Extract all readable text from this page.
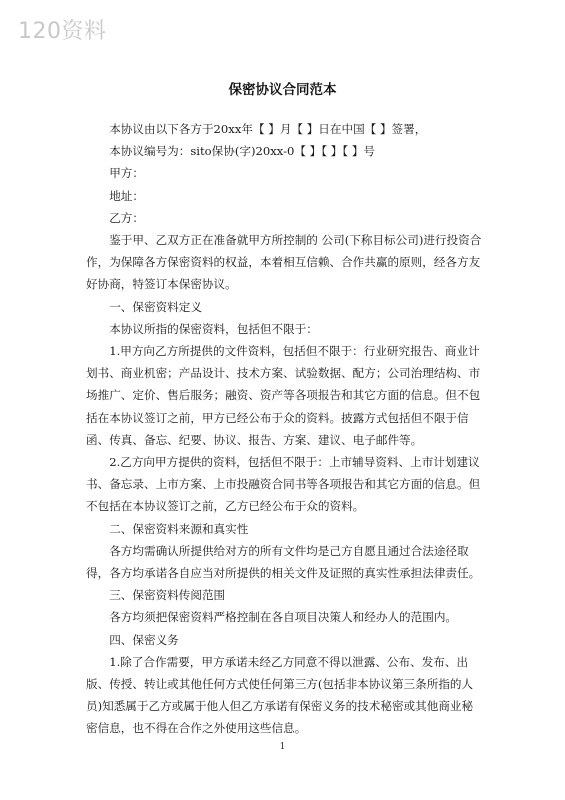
120资料
保密协议合同范本

本协议由以下各方于20xx年【 】月【 】日在中国【 】签署，

本协议编号为：sito保协(字)20xx-0【 】【 】【 】号

甲方：

地址：

乙方：

鉴于甲、乙双方正在准备就甲方所控制的 公司(下称目标公司)进行投资合作，为保障各方保密资料的权益，本着相互信赖、合作共赢的原则，经各方友好协商，特签订本保密协议。

一、保密资料定义

本协议所指的保密资料，包括但不限于：

1.甲方向乙方所提供的文件资料，包括但不限于：行业研究报告、商业计划书、商业机密；产品设计、技术方案、试验数据、配方；公司治理结构、市场推广、定价、售后服务；融资、资产等各项报告和其它方面的信息。但不包括在本协议签订之前，甲方已经公布于众的资料。披露方式包括但不限于信函、传真、备忘、纪要、协议、报告、方案、建议、电子邮件等。

2.乙方向甲方提供的资料，包括但不限于：上市辅导资料、上市计划建议书、备忘录、上市方案、上市投融资合同书等各项报告和其它方面的信息。但不包括在本协议签订之前，乙方已经公布于众的资料。

二、保密资料来源和真实性

各方均需确认所提供给对方的所有文件均是己方自愿且通过合法途径取得，各方均承诺各自应当对所提供的相关文件及证照的真实性承担法律责任。

三、保密资料传阅范围

各方均须把保密资料严格控制在各自项目决策人和经办人的范围内。

四、保密义务

1.除了合作需要，甲方承诺未经乙方同意不得以泄露、公布、发布、出版、传授、转让或其他任何方式使任何第三方(包括非本协议第三条所指的人员)知悉属于乙方或属于他人但乙方承诺有保密义务的技术秘密或其他商业秘密信息，也不得在合作之外使用这些信息。

1
